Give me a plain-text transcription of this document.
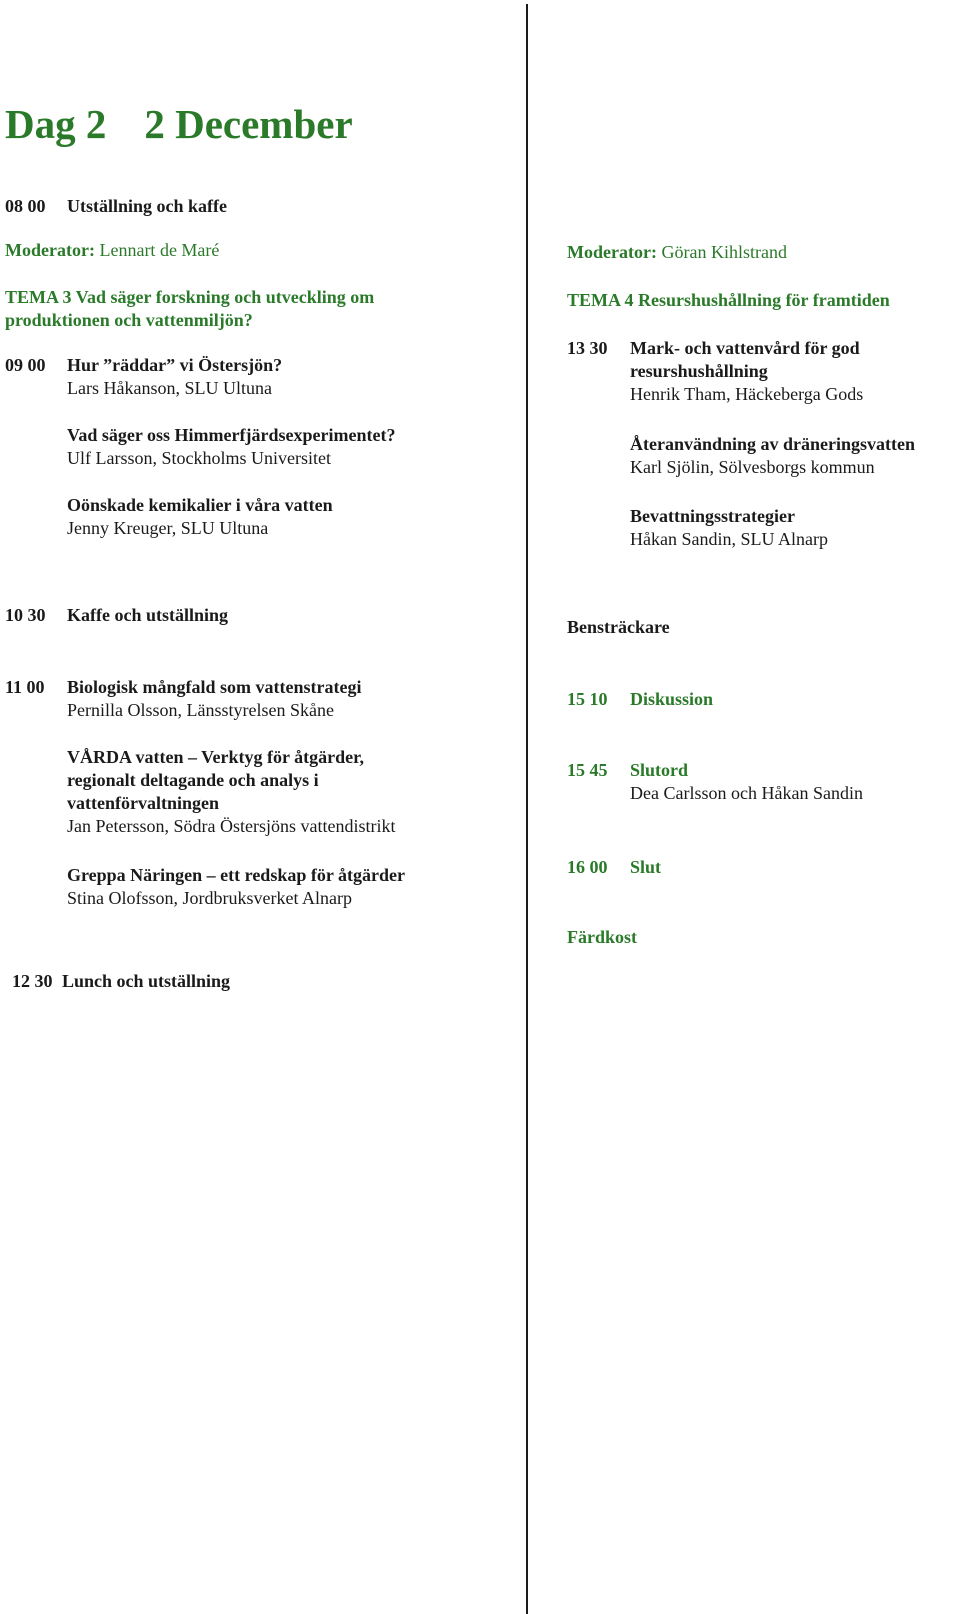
Dag 2 2 December
08 00 Utställning och kaffe
Moderator: Lennart de Maré
TEMA 3 Vad säger forskning och utveckling om
produktionen och vattenmiljön?
09 00 Hur ”räddar” vi Östersjön?
Lars Håkanson, SLU Ultuna
Vad säger oss Himmerfjärdsexperimentet?
Ulf Larsson, Stockholms Universitet
Oönskade kemikalier i våra vatten
Jenny Kreuger, SLU Ultuna
10 30 Kaffe och utställning
11 00 Biologisk mångfald som vattenstrategi
Pernilla Olsson, Länsstyrelsen Skåne
VÅRDA vatten – Verktyg för åtgärder,
regionalt deltagande och analys i
vattenförvaltningen
Jan Petersson, Södra Östersjöns vattendistrikt
Greppa Näringen – ett redskap för åtgärder
Stina Olofsson, Jordbruksverket Alnarp
12 30 Lunch och utställning
Moderator: Göran Kihlstrand
TEMA 4 Resurshushållning för framtiden
13 30 Mark- och vattenvård för god
resurshushållning
Henrik Tham, Häckeberga Gods
Återanvändning av dräneringsvatten
Karl Sjölin, Sölvesborgs kommun
Bevattningsstrategier
Håkan Sandin, SLU Alnarp
Bensträckare
15 10 Diskussion
15 45 Slutord
Dea Carlsson och Håkan Sandin
16 00 Slut
Färdkost
